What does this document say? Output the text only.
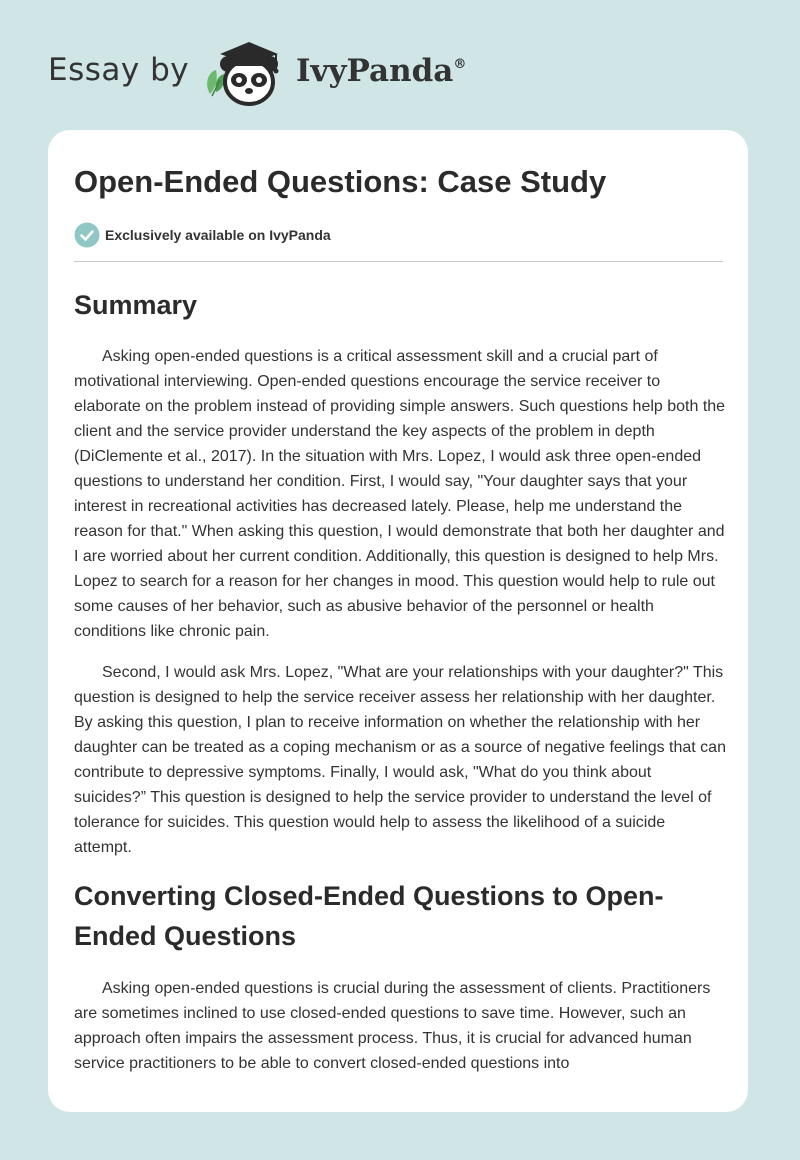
Essay by	IvyPanda®
Open-Ended Questions: Case Study
Exclusively available on IvyPanda
Summary

Asking open-ended questions is a critical assessment skill and a crucial part of motivational interviewing. Open-ended questions encourage the service receiver to elaborate on the problem instead of providing simple answers. Such questions help both the client and the service provider understand the key aspects of the problem in depth (DiClemente et al., 2017). In the situation with Mrs. Lopez, I would ask three open-ended questions to understand her condition. First, I would say, "Your daughter says that your interest in recreational activities has decreased lately. Please, help me understand the reason for that." When asking this question, I would demonstrate that both her daughter and I are worried about her current condition. Additionally, this question is designed to help Mrs. Lopez to search for a reason for her changes in mood. This question would help to rule out some causes of her behavior, such as abusive behavior of the personnel or health conditions like chronic pain.

Second, I would ask Mrs. Lopez, "What are your relationships with your daughter?" This question is designed to help the service receiver assess her relationship with her daughter. By asking this question, I plan to receive information on whether the relationship with her daughter can be treated as a coping mechanism or as a source of negative feelings that can contribute to depressive symptoms. Finally, I would ask, "What do you think about suicides?” This question is designed to help the service provider to understand the level of tolerance for suicides. This question would help to assess the likelihood of a suicide attempt.

Converting Closed-Ended Questions to Open-Ended Questions

Asking open-ended questions is crucial during the assessment of clients. Practitioners are sometimes inclined to use closed-ended questions to save time. However, such an approach often impairs the assessment process. Thus, it is crucial for advanced human service practitioners to be able to convert closed-ended questions into
